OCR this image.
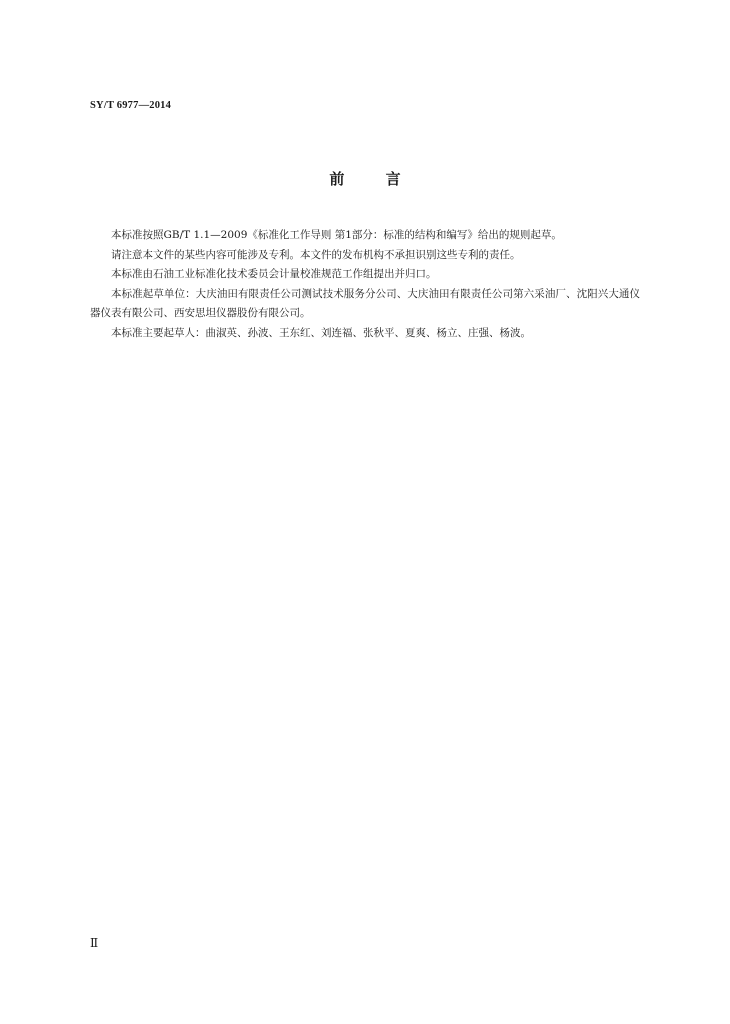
SY/T 6977—2014
前 言

本标准按照GB/T 1.1—2009《标准化工作导则 第1部分：标准的结构和编写》给出的规则起草。

请注意本文件的某些内容可能涉及专利。本文件的发布机构不承担识别这些专利的责任。

本标准由石油工业标准化技术委员会计量校准规范工作组提出并归口。

本标准起草单位：大庆油田有限责任公司测试技术服务分公司、大庆油田有限责任公司第六采油厂、沈阳兴大通仪器仪表有限公司、西安思坦仪器股份有限公司。

本标准主要起草人：曲淑英、孙波、王东红、刘连福、张秋平、夏爽、杨立、庄强、杨波。

Ⅱ
